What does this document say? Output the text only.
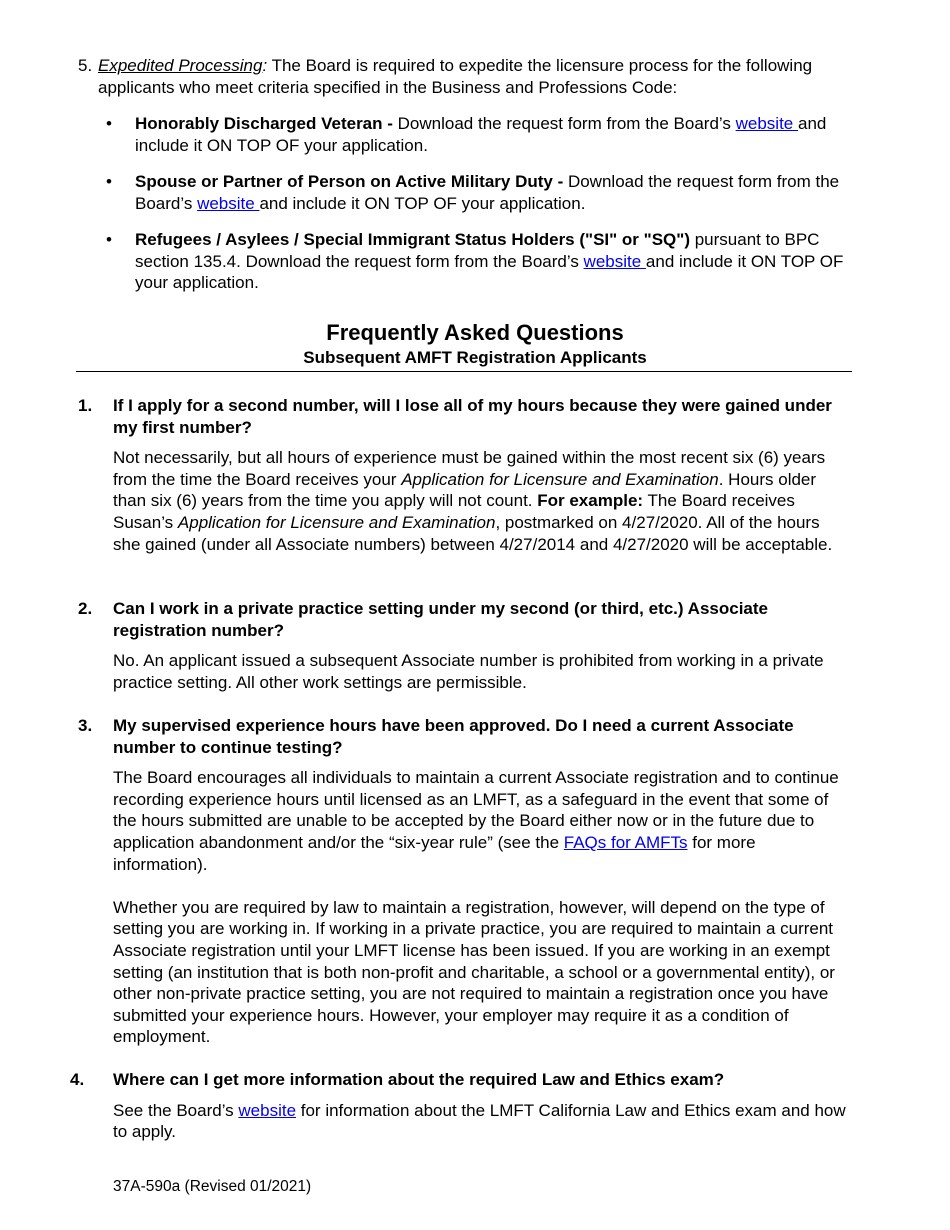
5. Expedited Processing: The Board is required to expedite the licensure process for the following applicants who meet criteria specified in the Business and Professions Code:
• Honorably Discharged Veteran - Download the request form from the Board’s website and include it ON TOP OF your application.
• Spouse or Partner of Person on Active Military Duty - Download the request form from the Board’s website and include it ON TOP OF your application.
• Refugees / Asylees / Special Immigrant Status Holders ("SI" or "SQ") pursuant to BPC section 135.4. Download the request form from the Board’s website and include it ON TOP OF your application.
Frequently Asked Questions
Subsequent AMFT Registration Applicants
1. If I apply for a second number, will I lose all of my hours because they were gained under my first number?
Not necessarily, but all hours of experience must be gained within the most recent six (6) years from the time the Board receives your Application for Licensure and Examination. Hours older than six (6) years from the time you apply will not count. For example: The Board receives Susan’s Application for Licensure and Examination, postmarked on 4/27/2020. All of the hours she gained (under all Associate numbers) between 4/27/2014 and 4/27/2020 will be acceptable.
2. Can I work in a private practice setting under my second (or third, etc.) Associate registration number?
No. An applicant issued a subsequent Associate number is prohibited from working in a private practice setting. All other work settings are permissible.
3. My supervised experience hours have been approved. Do I need a current Associate number to continue testing?

The Board encourages all individuals to maintain a current Associate registration and to continue recording experience hours until licensed as an LMFT, as a safeguard in the event that some of the hours submitted are unable to be accepted by the Board either now or in the future due to application abandonment and/or the “six-year rule” (see the FAQs for AMFTs for more information).

Whether you are required by law to maintain a registration, however, will depend on the type of setting you are working in. If working in a private practice, you are required to maintain a current Associate registration until your LMFT license has been issued. If you are working in an exempt setting (an institution that is both non-profit and charitable, a school or a governmental entity), or other non-private practice setting, you are not required to maintain a registration once you have submitted your experience hours. However, your employer may require it as a condition of employment.

4. Where can I get more information about the required Law and Ethics exam?
See the Board’s website for information about the LMFT California Law and Ethics exam and how to apply.
37A-590a (Revised 01/2021)
